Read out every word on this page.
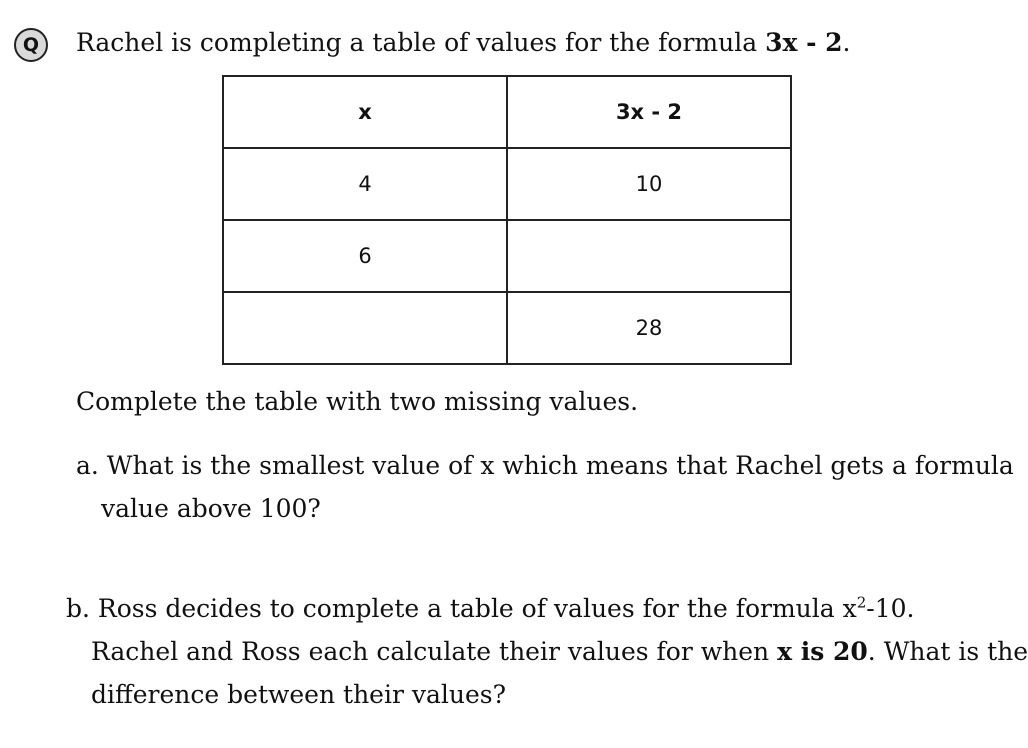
Q	Rachel is completing a table of values for the formula 3x - 2.
x	3x - 2
4	10
6	
	28
Complete the table with two missing values.
a. What is the smallest value of x which means that Rachel gets a formula
value above 100?
b. Ross decides to complete a table of values for the formula $x^2-10$.
Rachel and Ross each calculate their values for when x is 20. What is the
difference between their values?
